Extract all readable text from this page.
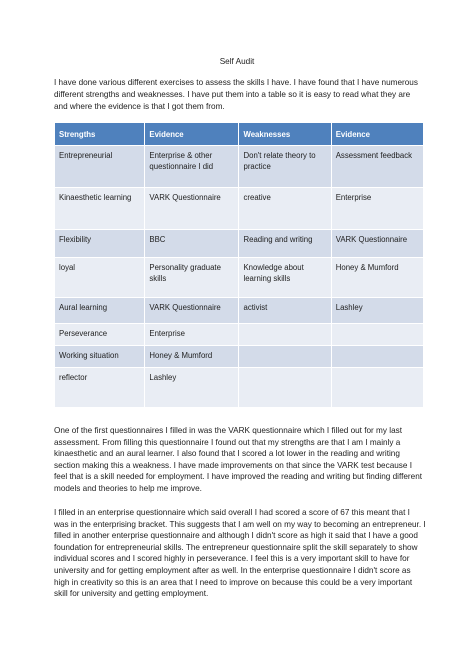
Self Audit
I have done various different exercises to assess the skills I have. I have found that I have numerous different strengths and weaknesses. I have put them into a table so it is easy to read what they are and where the evidence is that I got them from.
Strengths	Evidence	Weaknesses	Evidence
Entrepreneurial	Enterprise & other questionnaire I did	Don't relate theory to practice	Assessment feedback
Kinaesthetic learning	VARK Questionnaire	creative	Enterprise
Flexibility	BBC	Reading and writing	VARK Questionnaire
loyal	Personality graduate skills	Knowledge about learning skills	Honey & Mumford
Aural learning	VARK Questionnaire	activist	Lashley
Perseverance	Enterprise		
Working situation	Honey & Mumford		
reflector	Lashley		

One of the first questionnaires I filled in was the VARK questionnaire which I filled out for my last assessment. From filling this questionnaire I found out that my strengths are that I am I mainly a kinaesthetic and an aural learner. I also found that I scored a lot lower in the reading and writing section making this a weakness. I have made improvements on that since the VARK test because I feel that is a skill needed for employment. I have improved the reading and writing but finding different models and theories to help me improve.

I filled in an enterprise questionnaire which said overall I had scored a score of 67 this meant that I was in the enterprising bracket. This suggests that I am well on my way to becoming an entrepreneur. I filled in another enterprise questionnaire and although I didn't score as high it said that I have a good foundation for entrepreneurial skills. The entrepreneur questionnaire split the skill separately to show individual scores and I scored highly in perseverance. I feel this is a very important skill to have for university and for getting employment after as well. In the enterprise questionnaire I didn't score as high in creativity so this is an area that I need to improve on because this could be a very important skill for university and getting employment.
